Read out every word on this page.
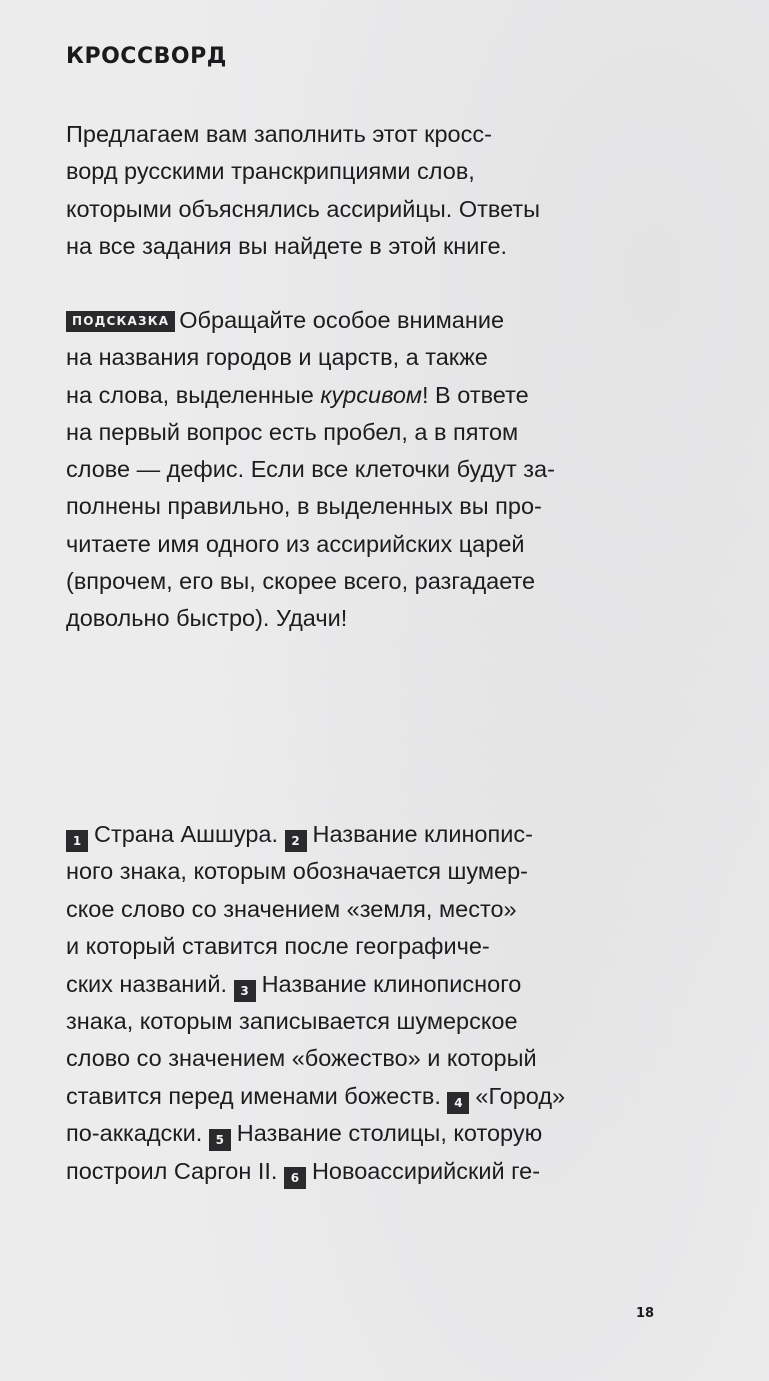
КРОССВОРД

Предлагаем вам заполнить этот кросс-
ворд русскими транскрипциями слов,
которыми объяснялись ассирийцы. Ответы
на все задания вы найдете в этой книге.

ПОДСКАЗКА Обращайте особое внимание
на названия городов и царств, а также
на слова, выделенные курсивом! В ответе
на первый вопрос есть пробел, а в пятом
слове — дефис. Если все клеточки будут за-
полнены правильно, в выделенных вы про-
читаете имя одного из ассирийских царей
(впрочем, его вы, скорее всего, разгадаете
довольно быстро). Удачи!

1 Страна Ашшура. 2 Название клинопис-
ного знака, которым обозначается шумер-
ское слово со значением «земля, место»
и который ставится после географиче-
ских названий. 3 Название клинописного
знака, которым записывается шумерское
слово со значением «божество» и который
ставится перед именами божеств. 4 «Город»
по-аккадски. 5 Название столицы, которую
построил Саргон II. 6 Новоассирийский ге-

18
